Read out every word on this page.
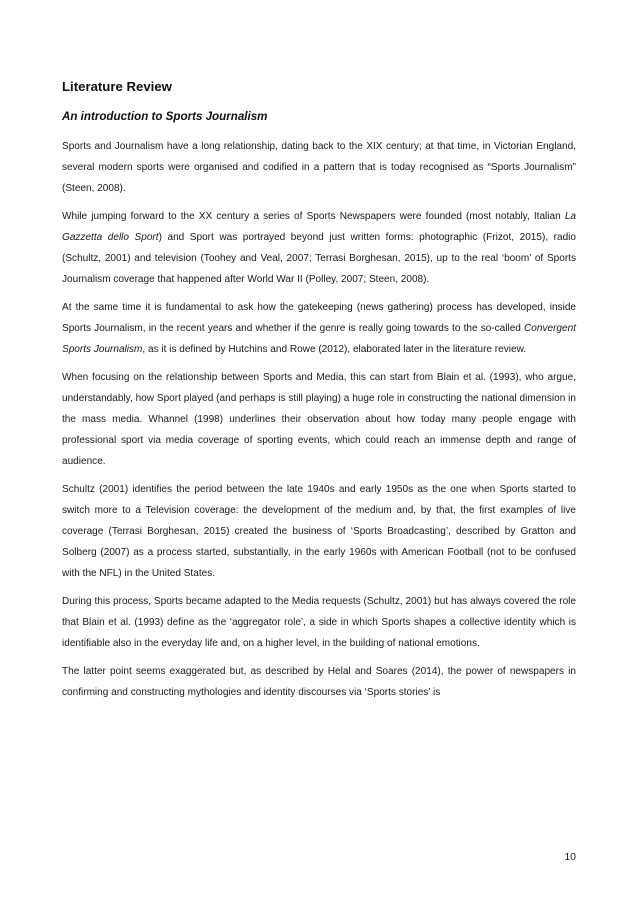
Literature Review
An introduction to Sports Journalism

Sports and Journalism have a long relationship, dating back to the XIX century; at that time, in Victorian England, several modern sports were organised and codified in a pattern that is today recognised as “Sports Journalism” (Steen, 2008).

While jumping forward to the XX century a series of Sports Newspapers were founded (most notably, Italian La Gazzetta dello Sport) and Sport was portrayed beyond just written forms: photographic (Frizot, 2015), radio (Schultz, 2001) and television (Toohey and Veal, 2007; Terrasi Borghesan, 2015), up to the real ‘boom’ of Sports Journalism coverage that happened after World War II (Polley, 2007; Steen, 2008).

At the same time it is fundamental to ask how the gatekeeping (news gathering) process has developed, inside Sports Journalism, in the recent years and whether if the genre is really going towards to the so-called Convergent Sports Journalism, as it is defined by Hutchins and Rowe (2012), elaborated later in the literature review.

When focusing on the relationship between Sports and Media, this can start from Blain et al. (1993), who argue, understandably, how Sport played (and perhaps is still playing) a huge role in constructing the national dimension in the mass media. Whannel (1998) underlines their observation about how today many people engage with professional sport via media coverage of sporting events, which could reach an immense depth and range of audience.

Schultz (2001) identifies the period between the late 1940s and early 1950s as the one when Sports started to switch more to a Television coverage: the development of the medium and, by that, the first examples of live coverage (Terrasi Borghesan, 2015) created the business of ‘Sports Broadcasting’, described by Gratton and Solberg (2007) as a process started, substantially, in the early 1960s with American Football (not to be confused with the NFL) in the United States.

During this process, Sports became adapted to the Media requests (Schultz, 2001) but has always covered the role that Blain et al. (1993) define as the ‘aggregator role’, a side in which Sports shapes a collective identity which is identifiable also in the everyday life and, on a higher level, in the building of national emotions.

The latter point seems exaggerated but, as described by Helal and Soares (2014), the power of newspapers in confirming and constructing mythologies and identity discourses via ‘Sports stories’ is

10
